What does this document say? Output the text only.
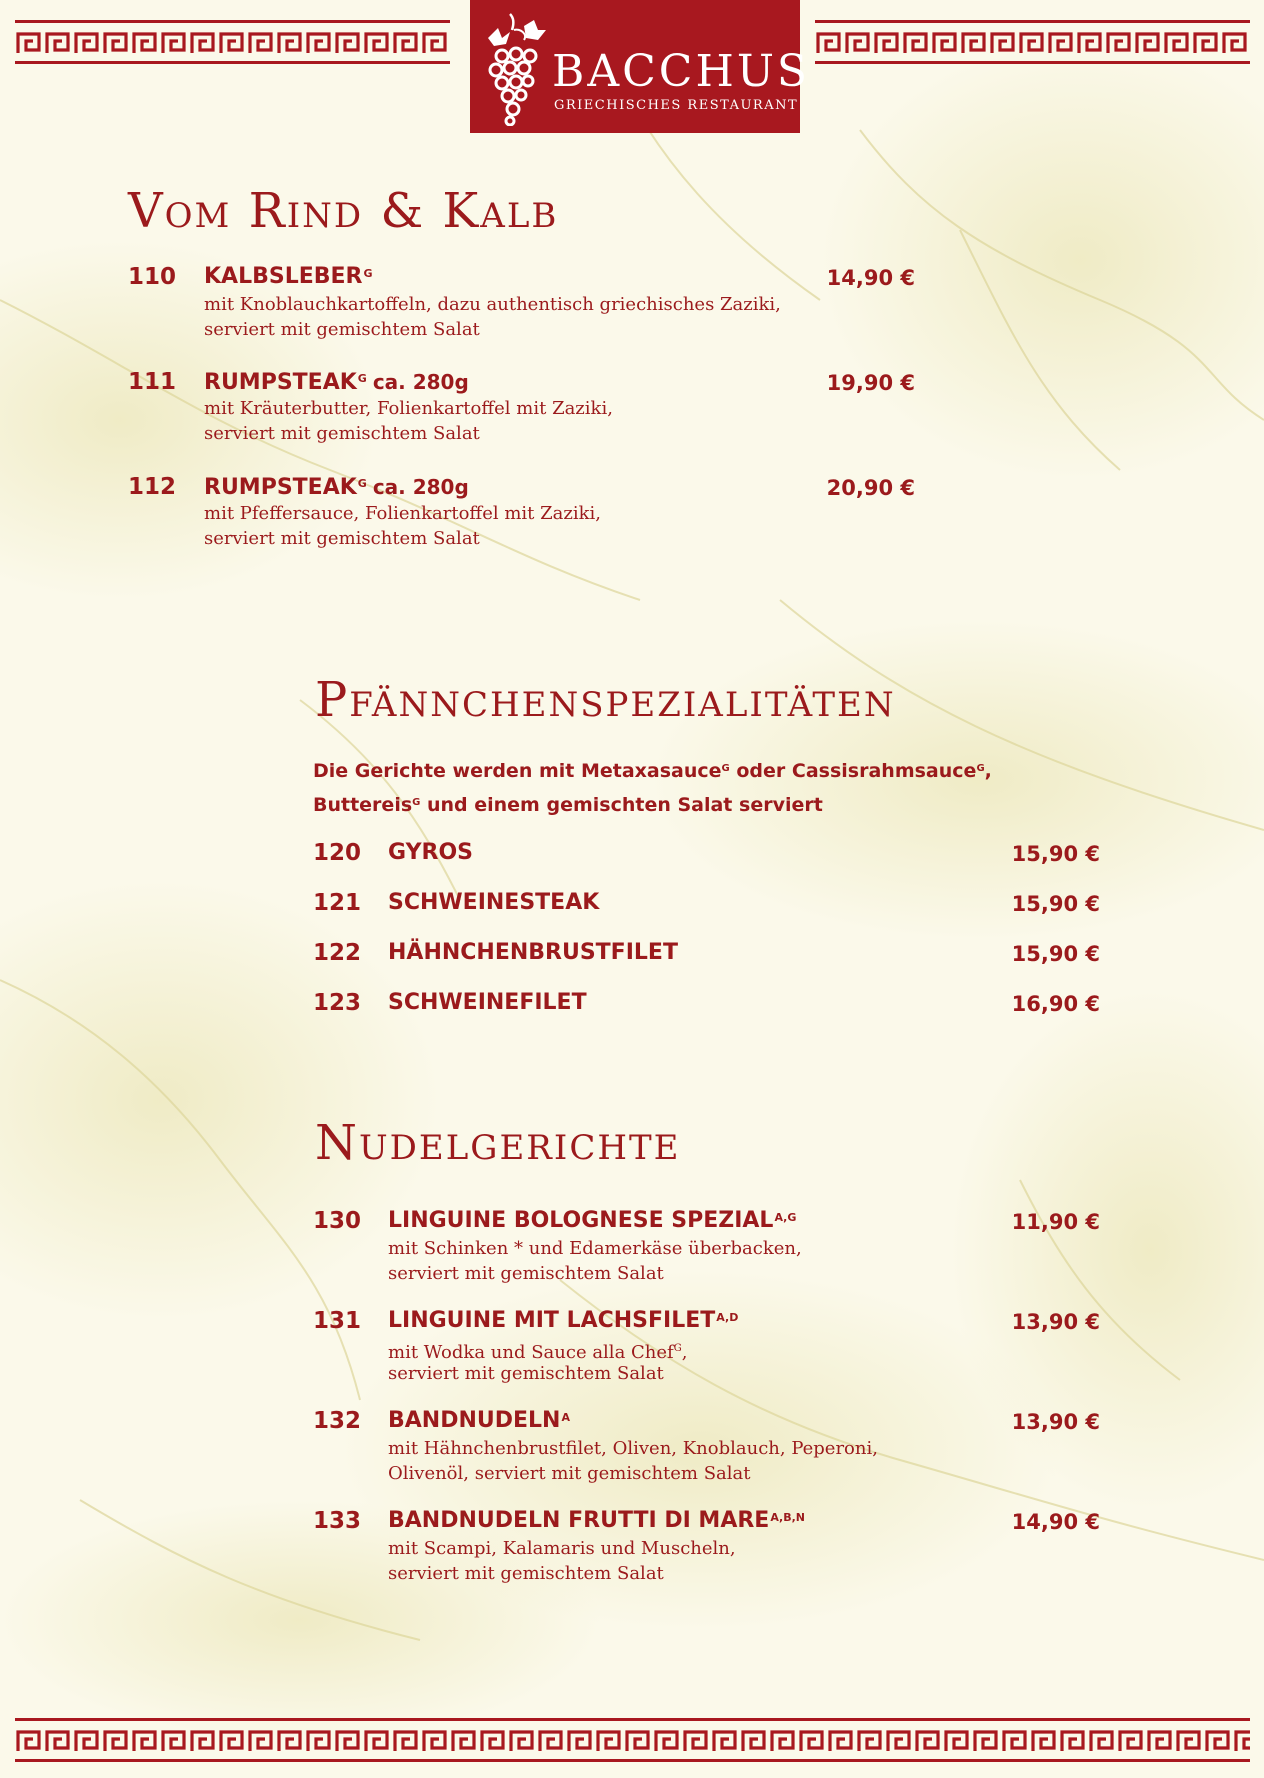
BACCHUS
GRIECHISCHES RESTAURANT
Vom Rind & Kalb
110 $KALBSLEBER^G$
mit Knoblauchkartoffeln, dazu authentisch griechisches Zaziki,
serviert mit gemischtem Salat
14,90 €
111 $RUMPSTEAK^G$ ca. 280g
mit Kräuterbutter, Folienkartoffel mit Zaziki,
serviert mit gemischtem Salat
19,90 €
112 $RUMPSTEAK^G$ ca. 280g
mit Pfeffersauce, Folienkartoffel mit Zaziki,
serviert mit gemischtem Salat
20,90 €
Pfännchenspezialitäten
Die Gerichte werden mit Metaxasauce$^G$ oder Cassisrahmsauce$^G$,
Buttereis$^G$ und einem gemischten Salat serviert
120 GYROS	15,90 €
121 SCHWEINESTEAK	15,90 €
122 HÄHNCHENBRUSTFILET	15,90 €
123 SCHWEINEFILET	16,90 €
Nudelgerichte
130 LINGUINE BOLOGNESE $SPEZIAL^{A,G}$
mit Schinken * und Edamerkäse überbacken,
serviert mit gemischtem Salat
11,90 €
131 LINGUINE MIT $LACHSFILET^{A,D}$
mit Wodka und Sauce alla Chef$^G$,
serviert mit gemischtem Salat
13,90 €
132 $BANDNUDELN^A$
mit Hähnchenbrustfilet, Oliven, Knoblauch, Peperoni,
Olivenöl, serviert mit gemischtem Salat
13,90 €
133 BANDNUDELN FRUTTI DI $MARE^{A,B,N}$
mit Scampi, Kalamaris und Muscheln,
serviert mit gemischtem Salat
14,90 €
